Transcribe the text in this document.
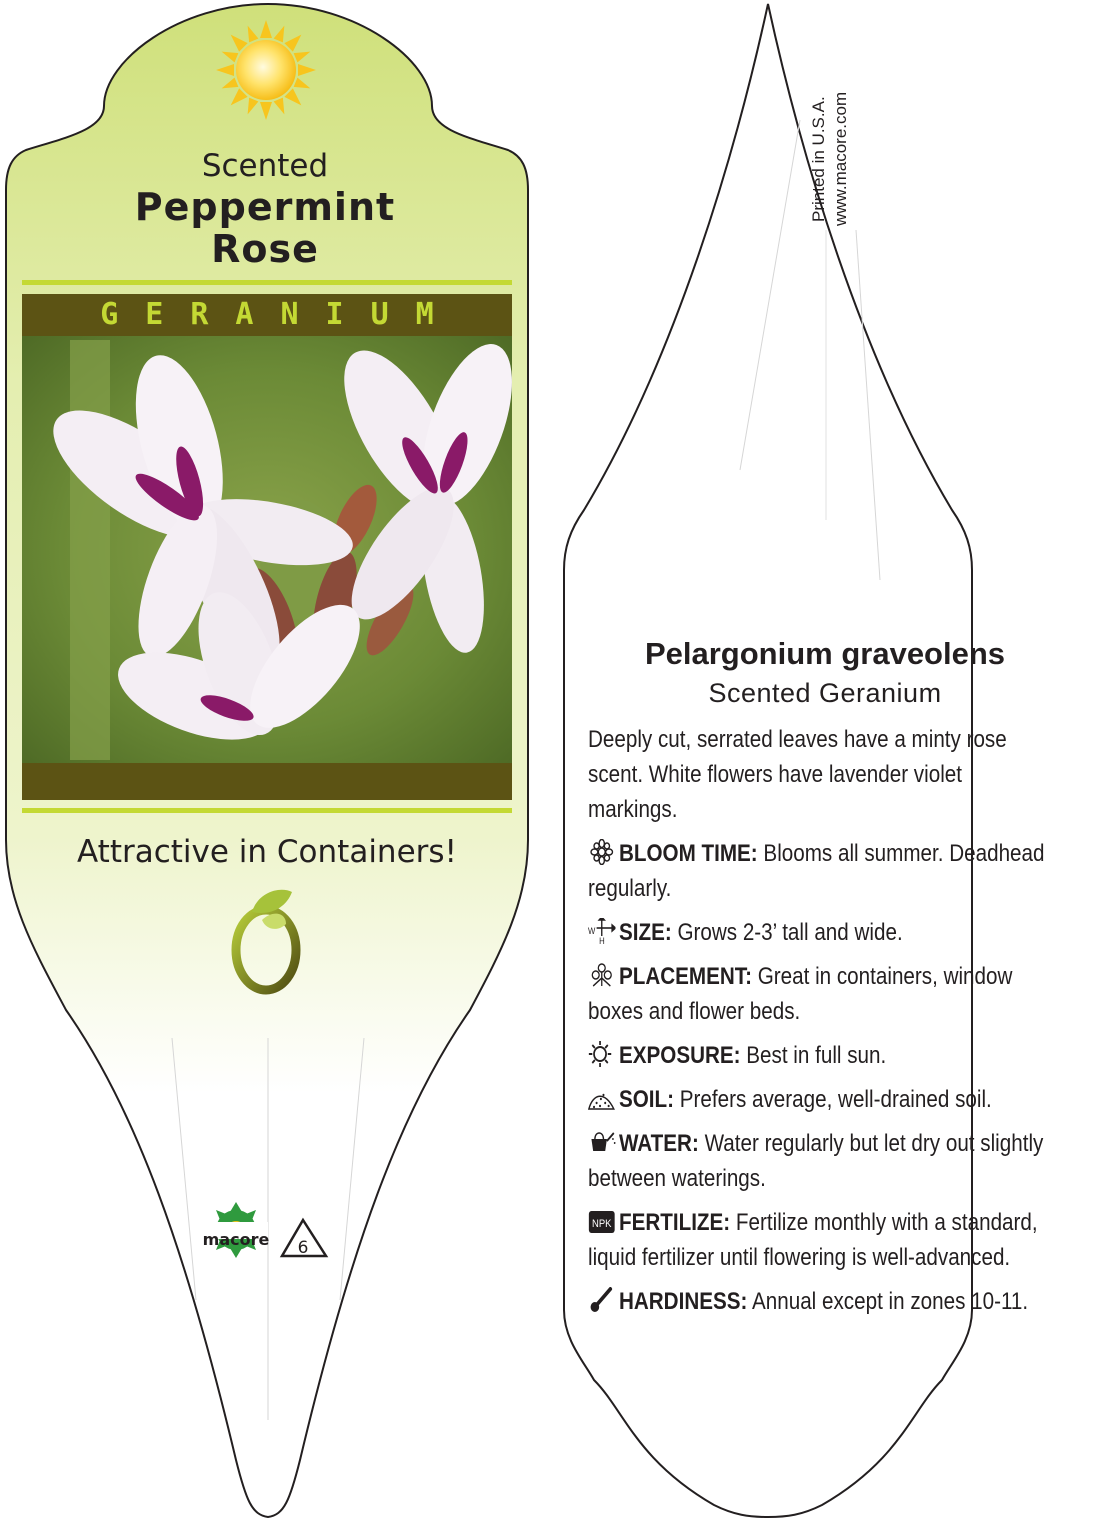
macore 6
Printed in U.S.A. www.macore.com
Scented
Peppermint
Rose
GERANIUM
Attractive in Containers!
Pelargonium graveolens
Scented Geranium
Deeply cut, serrated leaves have a minty rose scent. White flowers have lavender violet markings.
BLOOM TIME: Blooms all summer. Deadhead regularly.
W
H SIZE: Grows 2-3’ tall and wide.
PLACEMENT: Great in containers, window boxes and flower beds.
EXPOSURE: Best in full sun.
SOIL: Prefers average, well-drained soil.
WATER: Water regularly but let dry out slightly between waterings.
NPK FERTILIZE: Fertilize monthly with a standard, liquid fertilizer until flowering is well-advanced.
HARDINESS: Annual except in zones 10-11.
